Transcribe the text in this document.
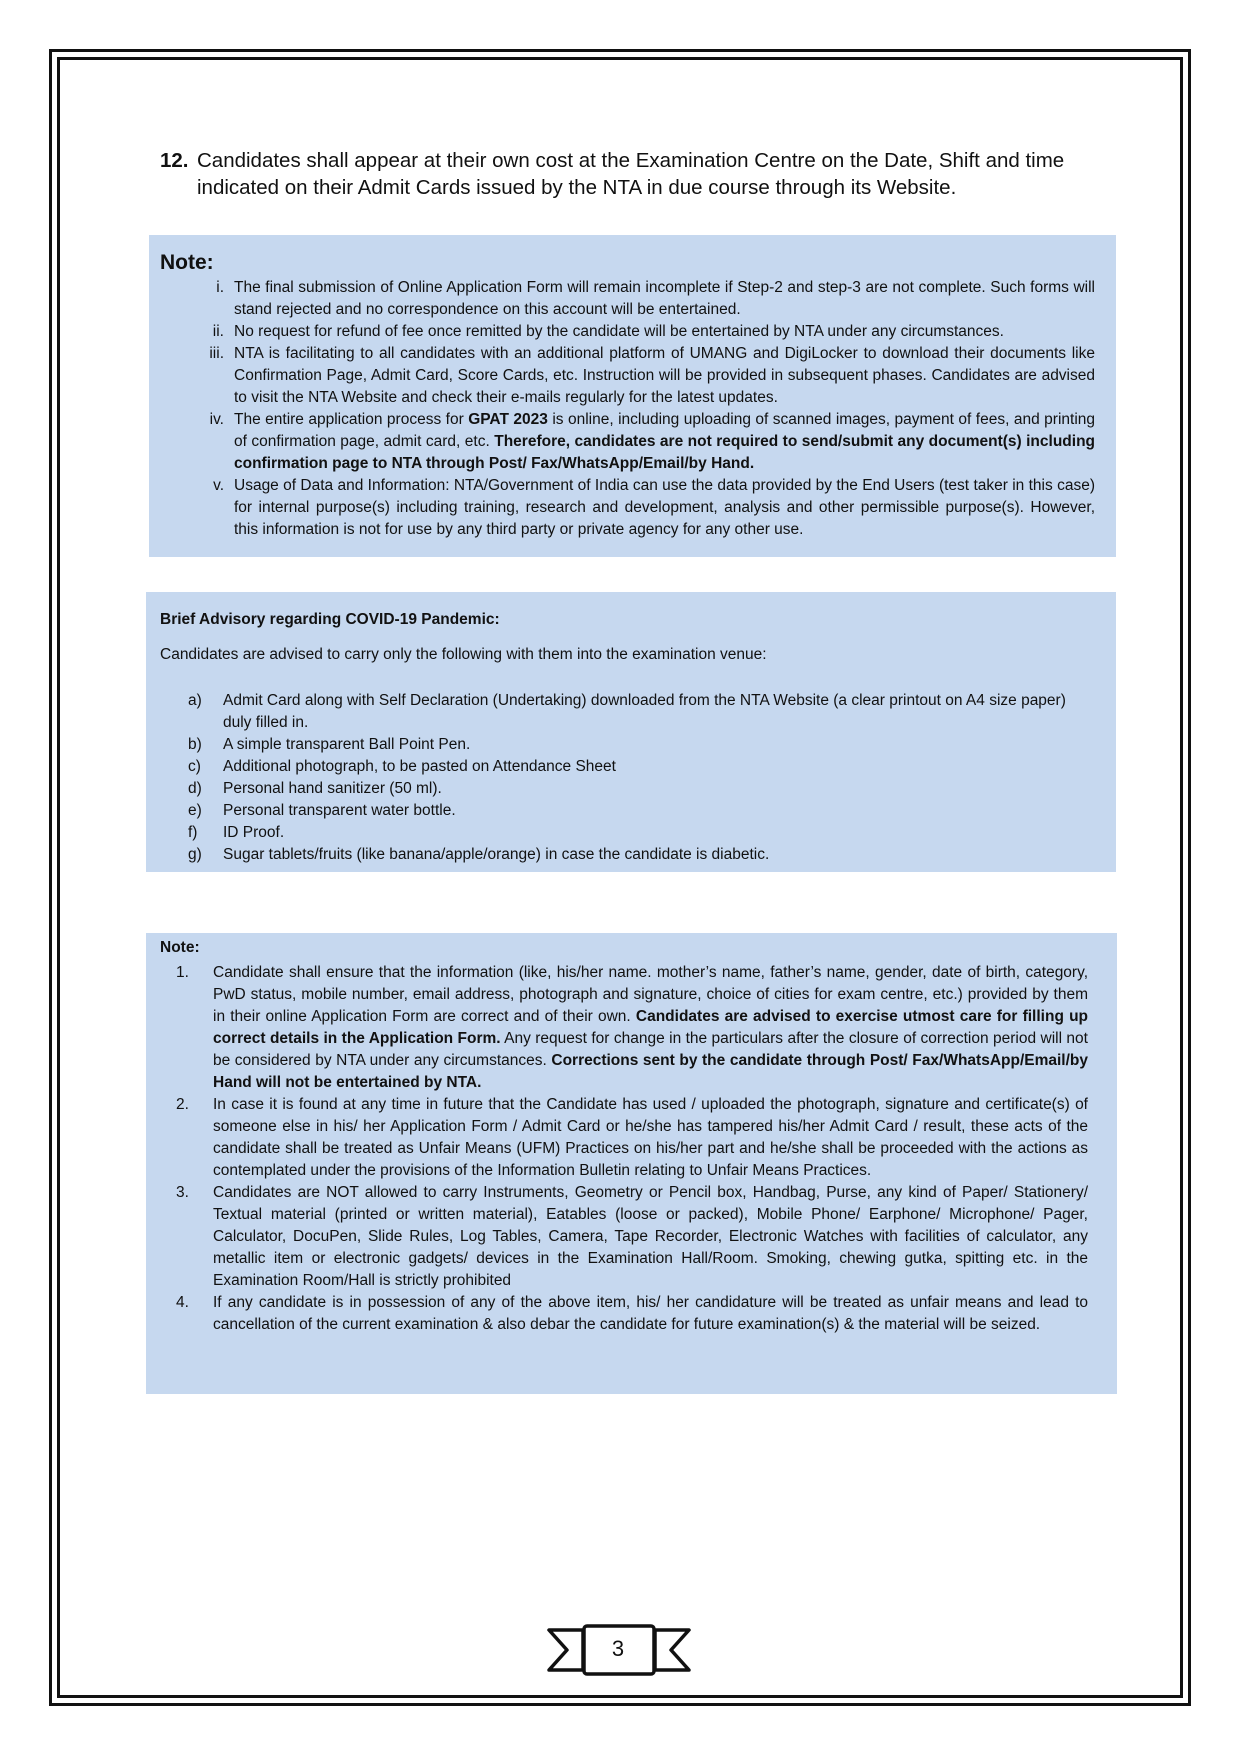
12. Candidates shall appear at their own cost at the Examination Centre on the Date, Shift and time indicated on their Admit Cards issued by the NTA in due course through its Website.
Note:
i. The final submission of Online Application Form will remain incomplete if Step-2 and step-3 are not complete. Such forms will stand rejected and no correspondence on this account will be entertained.
ii. No request for refund of fee once remitted by the candidate will be entertained by NTA under any circumstances.
iii. NTA is facilitating to all candidates with an additional platform of UMANG and DigiLocker to download their documents like Confirmation Page, Admit Card, Score Cards, etc. Instruction will be provided in subsequent phases. Candidates are advised to visit the NTA Website and check their e-mails regularly for the latest updates.
iv. The entire application process for GPAT 2023 is online, including uploading of scanned images, payment of fees, and printing of confirmation page, admit card, etc. Therefore, candidates are not required to send/submit any document(s) including confirmation page to NTA through Post/ Fax/WhatsApp/Email/by Hand.
v. Usage of Data and Information: NTA/Government of India can use the data provided by the End Users (test taker in this case) for internal purpose(s) including training, research and development, analysis and other permissible purpose(s). However, this information is not for use by any third party or private agency for any other use.
Brief Advisory regarding COVID-19 Pandemic:
Candidates are advised to carry only the following with them into the examination venue:
a) Admit Card along with Self Declaration (Undertaking) downloaded from the NTA Website (a clear printout on A4 size paper) duly filled in.
b) A simple transparent Ball Point Pen.
c) Additional photograph, to be pasted on Attendance Sheet
d) Personal hand sanitizer (50 ml).
e) Personal transparent water bottle.
f) ID Proof.
g) Sugar tablets/fruits (like banana/apple/orange) in case the candidate is diabetic.
Note:
1. Candidate shall ensure that the information (like, his/her name. mother’s name, father’s name, gender, date of birth, category, PwD status, mobile number, email address, photograph and signature, choice of cities for exam centre, etc.) provided by them in their online Application Form are correct and of their own. Candidates are advised to exercise utmost care for filling up correct details in the Application Form. Any request for change in the particulars after the closure of correction period will not be considered by NTA under any circumstances. Corrections sent by the candidate through Post/ Fax/WhatsApp/Email/by Hand will not be entertained by NTA.
2. In case it is found at any time in future that the Candidate has used / uploaded the photograph, signature and certificate(s) of someone else in his/ her Application Form / Admit Card or he/she has tampered his/her Admit Card / result, these acts of the candidate shall be treated as Unfair Means (UFM) Practices on his/her part and he/she shall be proceeded with the actions as contemplated under the provisions of the Information Bulletin relating to Unfair Means Practices.
3. Candidates are NOT allowed to carry Instruments, Geometry or Pencil box, Handbag, Purse, any kind of Paper/ Stationery/ Textual material (printed or written material), Eatables (loose or packed), Mobile Phone/ Earphone/ Microphone/ Pager, Calculator, DocuPen, Slide Rules, Log Tables, Camera, Tape Recorder, Electronic Watches with facilities of calculator, any metallic item or electronic gadgets/ devices in the Examination Hall/Room. Smoking, chewing gutka, spitting etc. in the Examination Room/Hall is strictly prohibited
4. If any candidate is in possession of any of the above item, his/ her candidature will be treated as unfair means and lead to cancellation of the current examination & also debar the candidate for future examination(s) & the material will be seized.
3
